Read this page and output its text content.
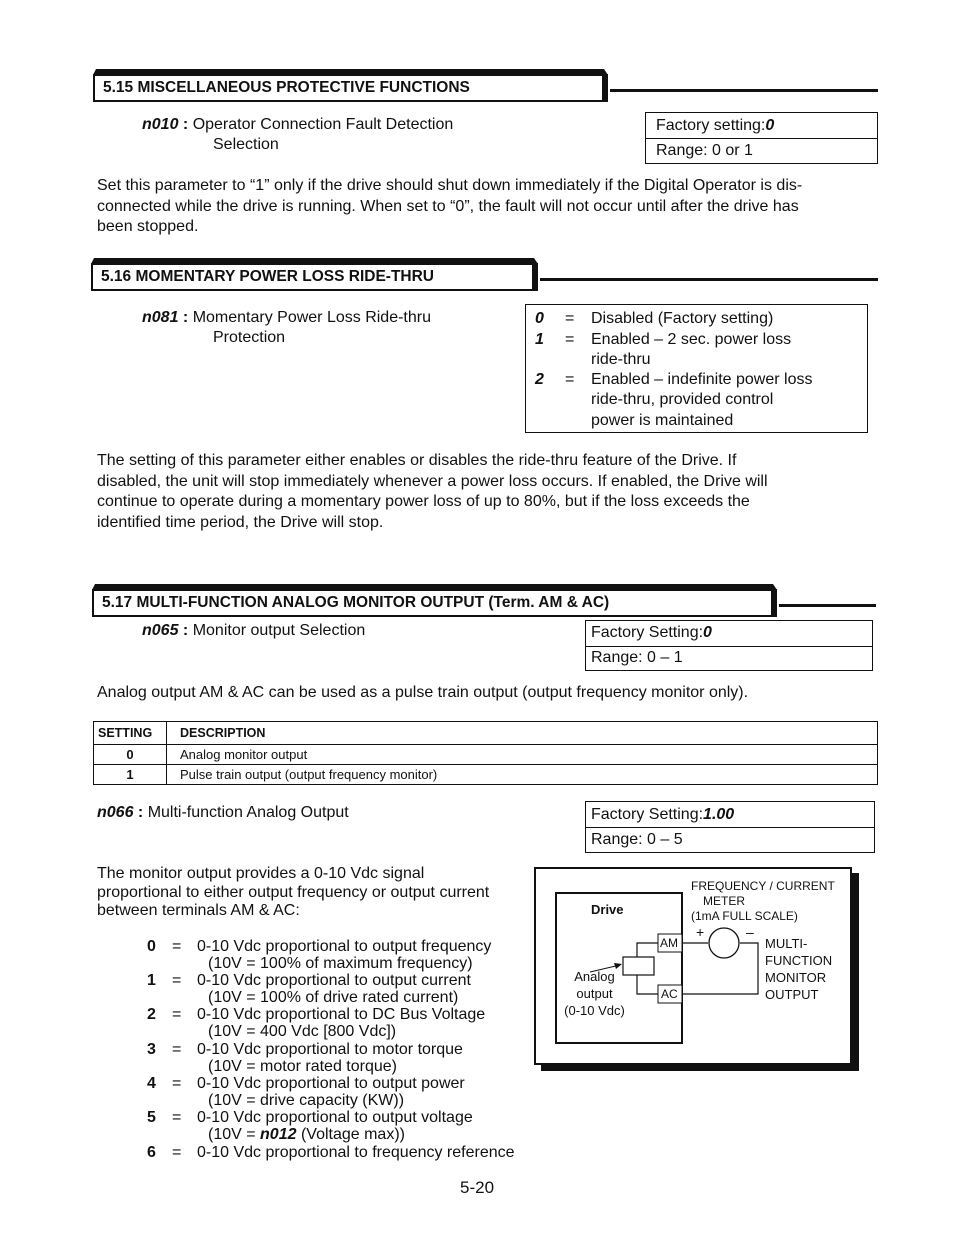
5.15 MISCELLANEOUS PROTECTIVE FUNCTIONS
n010 : Operator Connection Fault Detection
Selection
Factory setting: 0
Range: 0 or 1
Set this parameter to “1” only if the drive should shut down immediately if the Digital Operator is dis-
connected while the drive is running. When set to “0”, the fault will not occur until after the drive has
been stopped.
5.16 MOMENTARY POWER LOSS RIDE-THRU
n081 : Momentary Power Loss Ride-thru
Protection
0 = Disabled (Factory setting)
1 = Enabled – 2 sec. power loss
ride-thru
2 = Enabled – indefinite power loss
ride-thru, provided control
power is maintained
The setting of this parameter either enables or disables the ride-thru feature of the Drive. If
disabled, the unit will stop immediately whenever a power loss occurs. If enabled, the Drive will
continue to operate during a momentary power loss of up to 80%, but if the loss exceeds the
identified time period, the Drive will stop.
5.17 MULTI-FUNCTION ANALOG MONITOR OUTPUT (Term. AM & AC)
n065 : Monitor output Selection	Factory Setting: 0
Range: 0 – 1
Analog output AM & AC can be used as a pulse train output (output frequency monitor only).
SETTING	DESCRIPTION
0	Analog monitor output
1	Pulse train output (output frequency monitor)
n066 : Multi-function Analog Output	Factory Setting: 1.00
Range: 0 – 5
The monitor output provides a 0-10 Vdc signal
proportional to either output frequency or output current
between terminals AM & AC:
0 = 0-10 Vdc proportional to output frequency
(10V = 100% of maximum frequency)
1 = 0-10 Vdc proportional to output current
(10V = 100% of drive rated current)
2 = 0-10 Vdc proportional to DC Bus Voltage
(10V = 400 Vdc [800 Vdc])
3 = 0-10 Vdc proportional to motor torque
(10V = motor rated torque)
4 = 0-10 Vdc proportional to output power
(10V = drive capacity (KW))
5 = 0-10 Vdc proportional to output voltage
(10V = n012 (Voltage max))
6 = 0-10 Vdc proportional to frequency reference
Drive
FREQUENCY / CURRENT
METER
(1mA FULL SCALE)
+	–
AM
AC
Analog
output
(0-10 Vdc)
MULTI-
FUNCTION
MONITOR
OUTPUT
5-20
